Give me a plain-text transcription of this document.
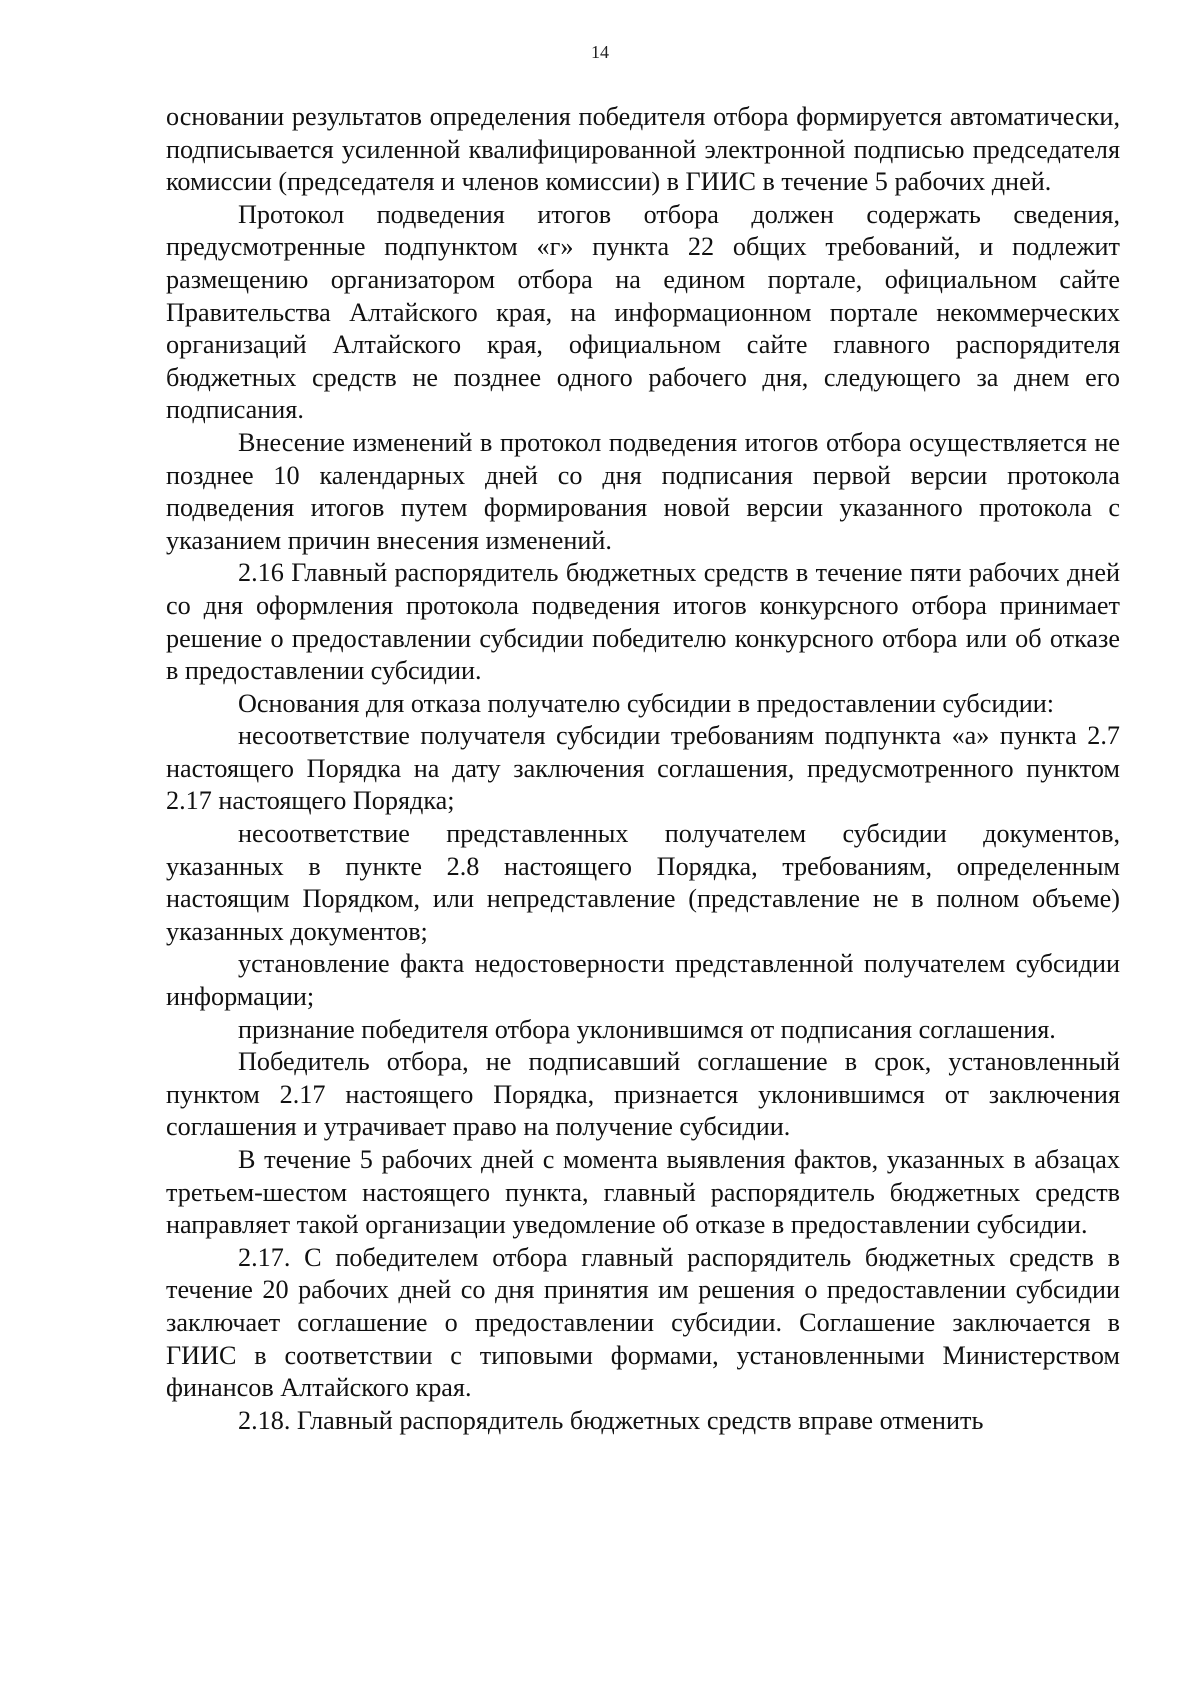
14

основании результатов определения победителя отбора формируется автоматически, подписывается усиленной квалифицированной электронной подписью председателя комиссии (председателя и членов комиссии) в ГИИС в течение 5 рабочих дней.

Протокол подведения итогов отбора должен содержать сведения, предусмотренные подпунктом «г» пункта 22 общих требований, и подлежит размещению организатором отбора на едином портале, официальном сайте Правительства Алтайского края, на информационном портале некоммерческих организаций Алтайского края, официальном сайте главного распорядителя бюджетных средств не позднее одного рабочего дня, следующего за днем его подписания.

Внесение изменений в протокол подведения итогов отбора осуществляется не позднее 10 календарных дней со дня подписания первой версии протокола подведения итогов путем формирования новой версии указанного протокола с указанием причин внесения изменений.

2.16 Главный распорядитель бюджетных средств в течение пяти рабочих дней со дня оформления протокола подведения итогов конкурсного отбора принимает решение о предоставлении субсидии победителю конкурсного отбора или об отказе в предоставлении субсидии.

Основания для отказа получателю субсидии в предоставлении субсидии:

несоответствие получателя субсидии требованиям подпункта «а» пункта 2.7 настоящего Порядка на дату заключения соглашения, предусмотренного пунктом 2.17 настоящего Порядка;

несоответствие представленных получателем субсидии документов, указанных в пункте 2.8 настоящего Порядка, требованиям, определенным настоящим Порядком, или непредставление (представление не в полном объеме) указанных документов;

установление факта недостоверности представленной получателем субсидии информации;

признание победителя отбора уклонившимся от подписания соглашения.

Победитель отбора, не подписавший соглашение в срок, установленный пунктом 2.17 настоящего Порядка, признается уклонившимся от заключения соглашения и утрачивает право на получение субсидии.

В течение 5 рабочих дней с момента выявления фактов, указанных в абзацах третьем-шестом настоящего пункта, главный распорядитель бюджетных средств направляет такой организации уведомление об отказе в предоставлении субсидии.

2.17. С победителем отбора главный распорядитель бюджетных средств в течение 20 рабочих дней со дня принятия им решения о предоставлении субсидии заключает соглашение о предоставлении субсидии. Соглашение заключается в ГИИС в соответствии с типовыми формами, установленными Министерством финансов Алтайского края.

2.18. Главный распорядитель бюджетных средств вправе отменить
